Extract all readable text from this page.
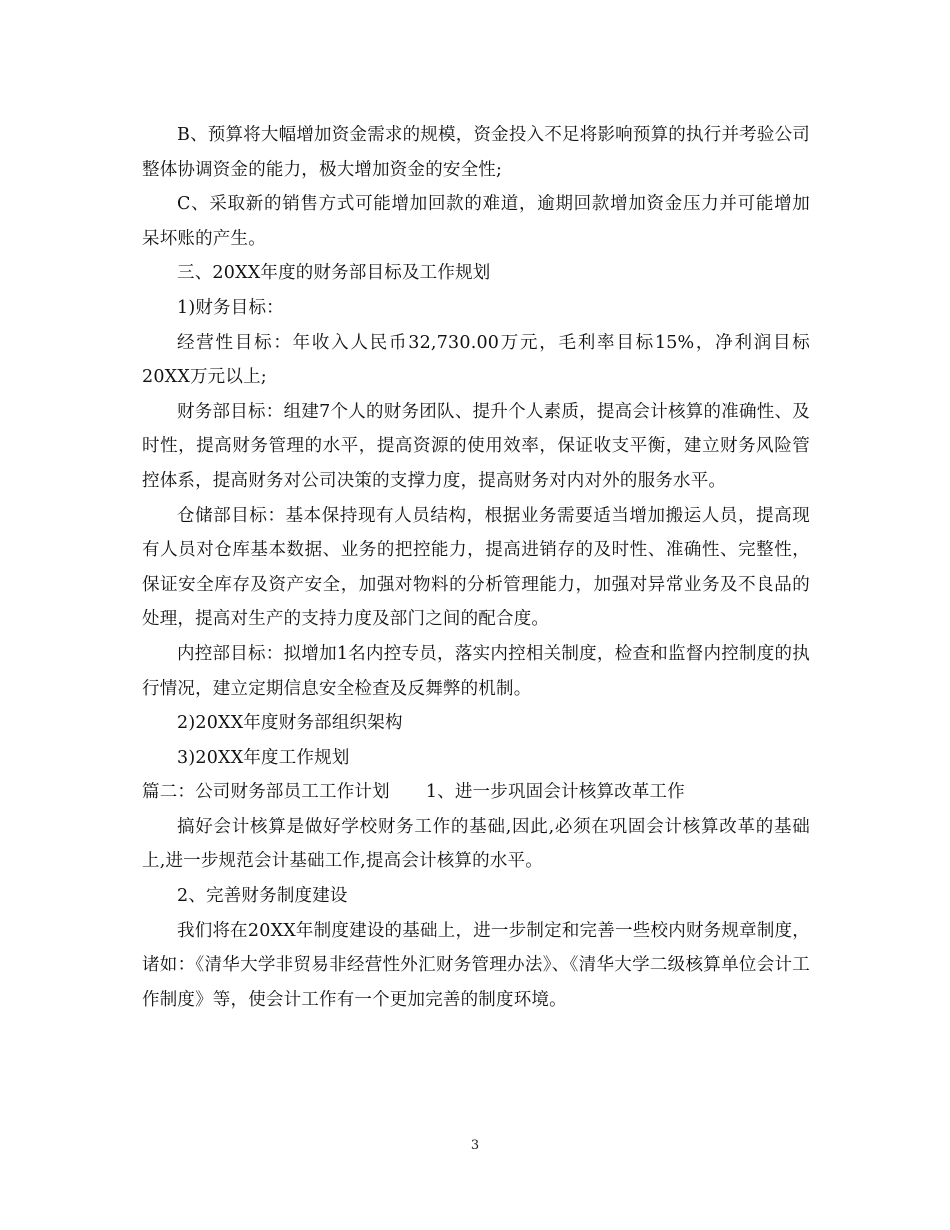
B、预算将大幅增加资金需求的规模，资金投入不足将影响预算的执行并考验公司整体协调资金的能力，极大增加资金的安全性;

C、采取新的销售方式可能增加回款的难道，逾期回款增加资金压力并可能增加呆坏账的产生。

三、20XX年度的财务部目标及工作规划

1)财务目标：

经营性目标：年收入人民币32,730.00万元，毛利率目标15%，净利润目标20XX万元以上;

财务部目标：组建7个人的财务团队、提升个人素质，提高会计核算的准确性、及时性，提高财务管理的水平，提高资源的使用效率，保证收支平衡，建立财务风险管控体系，提高财务对公司决策的支撑力度，提高财务对内对外的服务水平。

仓储部目标：基本保持现有人员结构，根据业务需要适当增加搬运人员，提高现有人员对仓库基本数据、业务的把控能力，提高进销存的及时性、准确性、完整性，保证安全库存及资产安全，加强对物料的分析管理能力，加强对异常业务及不良品的处理，提高对生产的支持力度及部门之间的配合度。

内控部目标：拟增加1名内控专员，落实内控相关制度，检查和监督内控制度的执行情况，建立定期信息安全检查及反舞弊的机制。

2)20XX年度财务部组织架构

3)20XX年度工作规划

篇二：公司财务部员工工作计划 1、进一步巩固会计核算改革工作

搞好会计核算是做好学校财务工作的基础,因此,必须在巩固会计核算改革的基础上,进一步规范会计基础工作,提高会计核算的水平。

2、完善财务制度建设

我们将在20XX年制度建设的基础上，进一步制定和完善一些校内财务规章制度，诸如：《清华大学非贸易非经营性外汇财务管理办法》、《清华大学二级核算单位会计工作制度》等，使会计工作有一个更加完善的制度环境。

3
